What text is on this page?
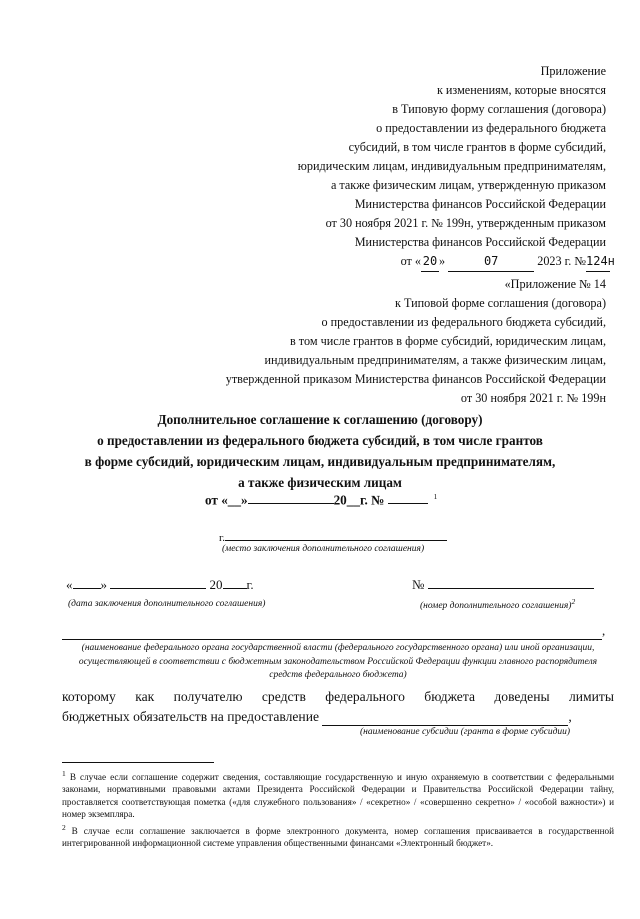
Приложение
к изменениям, которые вносятся
в Типовую форму соглашения (договора)
о предоставлении из федерального бюджета
субсидий, в том числе грантов в форме субсидий,
юридическим лицам, индивидуальным предпринимателям,
а также физическим лицам, утвержденную приказом
Министерства финансов Российской Федерации
от 30 ноября 2021 г. № 199н, утвержденным приказом
Министерства финансов Российской Федерации
от « 20 »	07	2023 г. №124н
«Приложение № 14
к Типовой форме соглашения (договора)
о предоставлении из федерального бюджета субсидий,
в том числе грантов в форме субсидий, юридическим лицам,
индивидуальным предпринимателям, а также физическим лицам,
утвержденной приказом Министерства финансов Российской Федерации
от 30 ноября 2021 г. № 199н
Дополнительное соглашение к соглашению (договору)
о предоставлении из федерального бюджета субсидий, в том числе грантов
в форме субсидий, юридическим лицам, индивидуальным предпринимателям,
а также физическим лицам
от «__»	20__г. №	$^1$
г.
(место заключения дополнительного соглашения)
« »	20 г.
(дата заключения дополнительного соглашения)
№
(номер дополнительного соглашения)$^2$
,
(наименование федерального органа государственной власти (федерального государственного органа) или иной организации, осуществляющей в соответствии с бюджетным законодательством Российской Федерации функции главного распорядителя средств федерального бюджета)
которому как получателю средств федерального бюджета доведены лимиты
бюджетных обязательств на предоставление	,
(наименование субсидии (гранта в форме субсидии)
$^1$ В случае если соглашение содержит сведения, составляющие государственную и иную охраняемую в соответствии с федеральными законами, нормативными правовыми актами Президента Российской Федерации и Правительства Российской Федерации тайну, проставляется соответствующая пометка («для служебного пользования» / «секретно» / «совершенно секретно» / «особой важности») и номер экземпляра.
$^2$ В случае если соглашение заключается в форме электронного документа, номер соглашения присваивается в государственной интегрированной информационной системе управления общественными финансами «Электронный бюджет».
